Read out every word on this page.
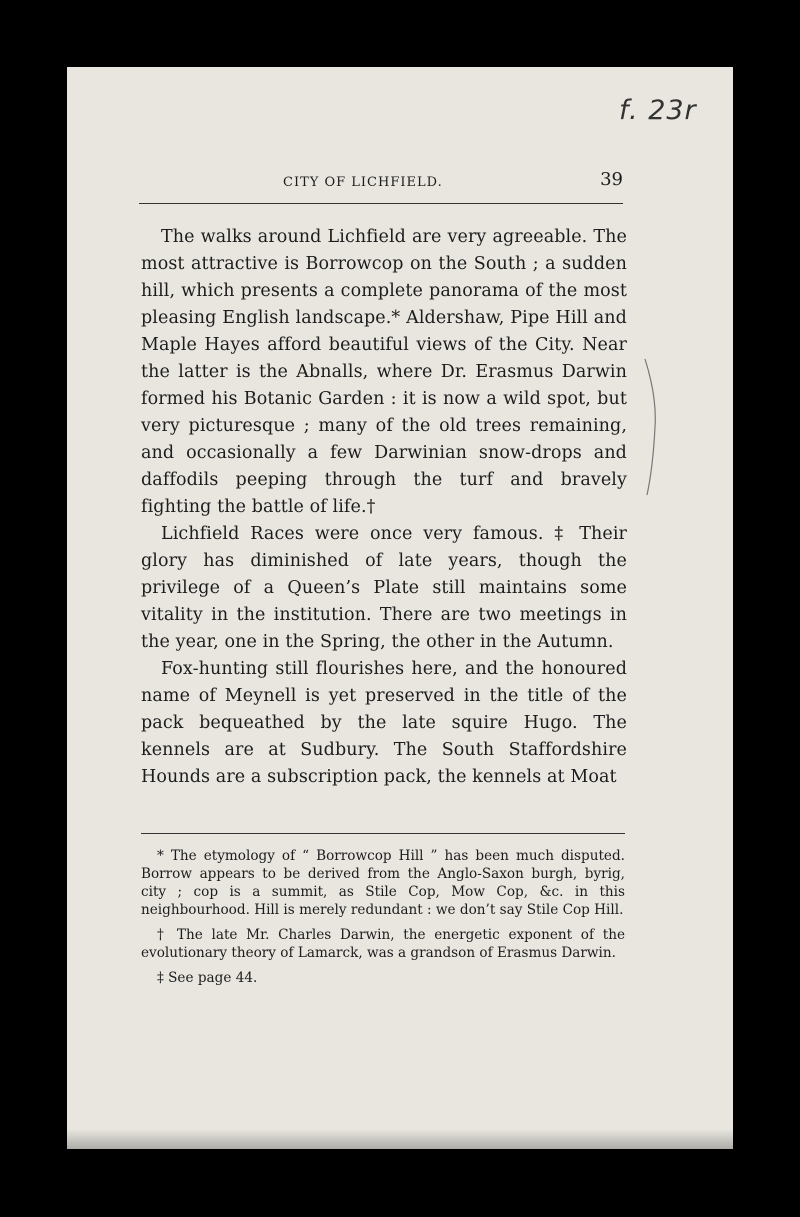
f. 23r
CITY OF LICHFIELD.	39

The walks around Lichfield are very agreeable. The most attractive is Borrowcop on the South ; a sudden hill, which presents a complete panorama of the most pleasing English landscape.* Aldershaw, Pipe Hill and Maple Hayes afford beautiful views of the City. Near the latter is the Abnalls, where Dr. Erasmus Darwin formed his Botanic Garden : it is now a wild spot, but very picturesque ; many of the old trees remaining, and occasionally a few Darwinian snow-drops and daffodils peeping through the turf and bravely fighting the battle of life.†

Lichfield Races were once very famous. ‡ Their glory has diminished of late years, though the privilege of a Queen’s Plate still maintains some vitality in the institution. There are two meetings in the year, one in the Spring, the other in the Autumn.

Fox-hunting still flourishes here, and the honoured name of Meynell is yet preserved in the title of the pack bequeathed by the late squire Hugo. The kennels are at Sudbury. The South Staffordshire Hounds are a subscription pack, the kennels at Moat

* The etymology of “ Borrowcop Hill ” has been much disputed. Borrow appears to be derived from the Anglo-Saxon burgh, byrig, city ; cop is a summit, as Stile Cop, Mow Cop, &c. in this neighbourhood. Hill is merely redundant : we don’t say Stile Cop Hill.

† The late Mr. Charles Darwin, the energetic exponent of the evolutionary theory of Lamarck, was a grandson of Erasmus Darwin.

‡ See page 44.
